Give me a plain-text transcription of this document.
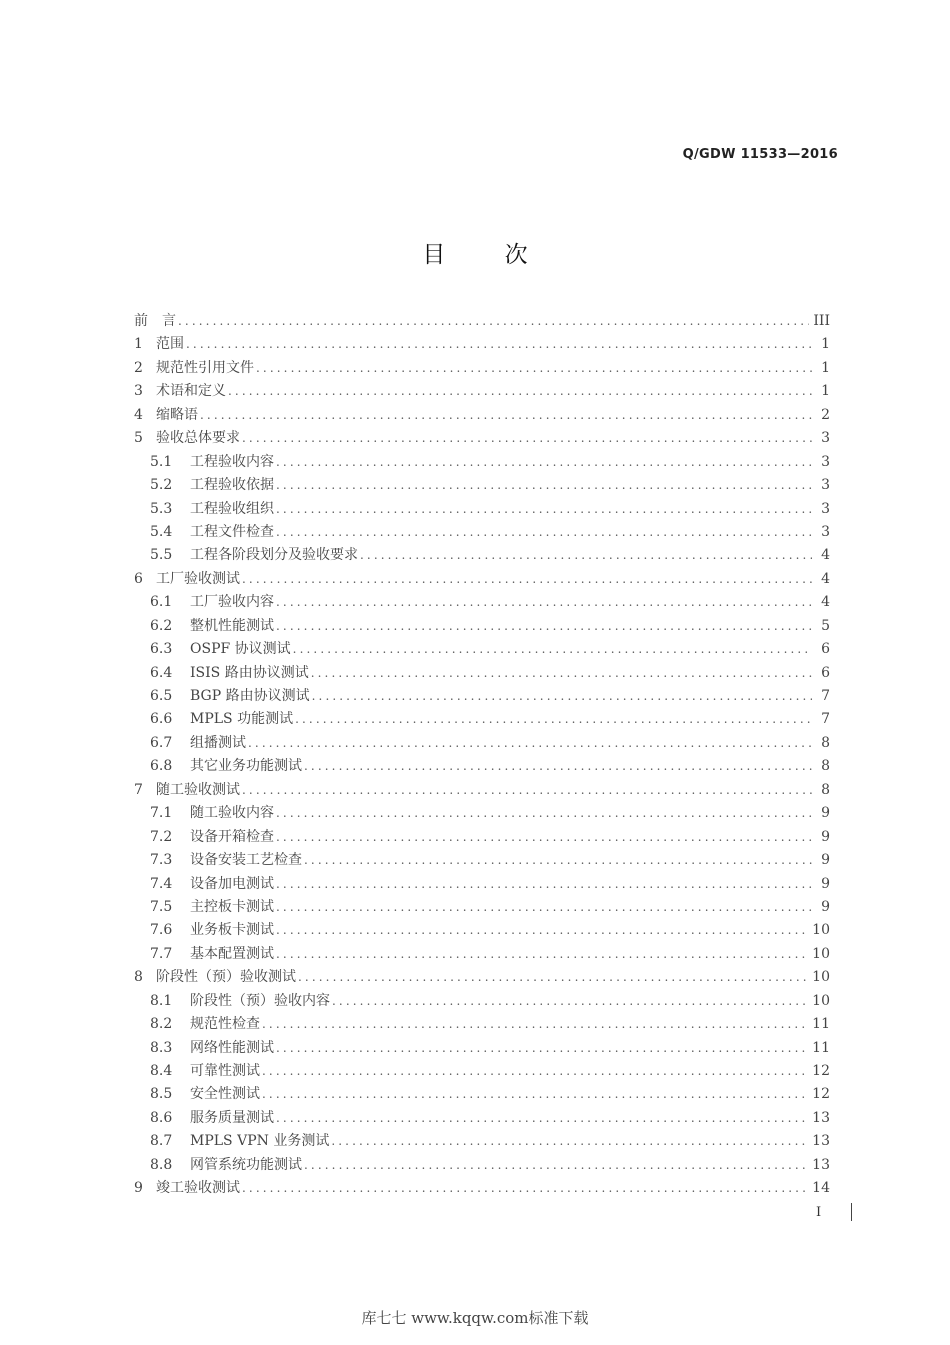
Q/GDW 11533—2016
目	次
前　言 .....	III
1 范围 .....	1
2 规范性引用文件 .....	1
3 术语和定义 .....	1
4 缩略语 .....	2
5 验收总体要求 .....	3
5.1	工程验收内容 .....	3
5.2	工程验收依据 .....	3
5.3	工程验收组织 .....	3
5.4	工程文件检查 .....	3
5.5	工程各阶段划分及验收要求 .....	4
6 工厂验收测试 .....	4
6.1	工厂验收内容 .....	4
6.2	整机性能测试 .....	5
6.3	OSPF 协议测试 .....	6
6.4	ISIS 路由协议测试 .....	6
6.5	BGP 路由协议测试 .....	7
6.6	MPLS 功能测试 .....	7
6.7	组播测试 .....	8
6.8	其它业务功能测试 .....	8
7 随工验收测试 .....	8
7.1	随工验收内容 .....	9
7.2	设备开箱检查 .....	9
7.3	设备安装工艺检查 .....	9
7.4	设备加电测试 .....	9
7.5	主控板卡测试 .....	9
7.6	业务板卡测试 .....	10
7.7	基本配置测试 .....	10
8 阶段性（预）验收测试 .....	10
8.1	阶段性（预）验收内容 .....	10
8.2	规范性检查 .....	11
8.3	网络性能测试 .....	11
8.4	可靠性测试 .....	12
8.5	安全性测试 .....	12
8.6	服务质量测试 .....	13
8.7	MPLS VPN 业务测试 .....	13
8.8	网管系统功能测试 .....	13
9 竣工验收测试 .....	14
I
库七七 www.kqqw.com标准下载
